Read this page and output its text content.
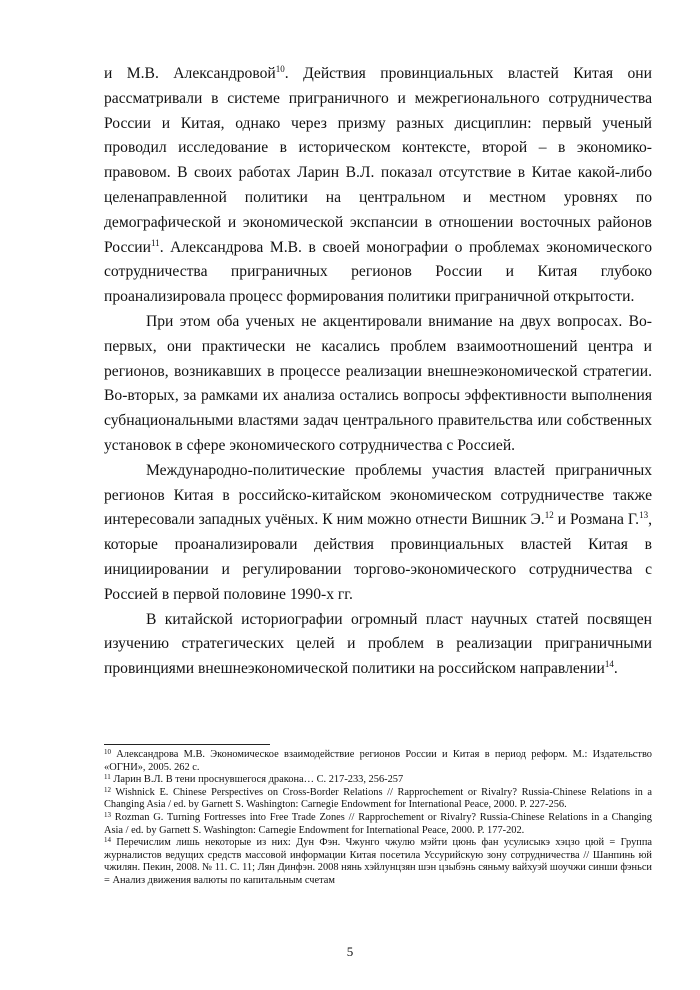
и М.В. Александровой$^{10}$. Действия провинциальных властей Китая они рассматривали в системе приграничного и межрегионального сотрудничества России и Китая, однако через призму разных дисциплин: первый ученый проводил исследование в историческом контексте, второй – в экономико-правовом. В своих работах Ларин В.Л. показал отсутствие в Китае какой-либо целенаправленной политики на центральном и местном уровнях по демографической и экономической экспансии в отношении восточных районов России$^{11}$. Александрова М.В. в своей монографии о проблемах экономического сотрудничества приграничных регионов России и Китая глубоко проанализировала процесс формирования политики приграничной открытости.

При этом оба ученых не акцентировали внимание на двух вопросах. Во-первых, они практически не касались проблем взаимоотношений центра и регионов, возникавших в процессе реализации внешнеэкономической стратегии. Во-вторых, за рамками их анализа остались вопросы эффективности выполнения субнациональными властями задач центрального правительства или собственных установок в сфере экономического сотрудничества с Россией.

Международно-политические проблемы участия властей приграничных регионов Китая в российско-китайском экономическом сотрудничестве также интересовали западных учёных. К ним можно отнести Вишник Э.$^{12}$ и Розмана Г.$^{13}$, которые проанализировали действия провинциальных властей Китая в инициировании и регулировании торгово-экономического сотрудничества с Россией в первой половине 1990-х гг.

В китайской историографии огромный пласт научных статей посвящен изучению стратегических целей и проблем в реализации приграничными провинциями внешнеэкономической политики на российском направлении$^{14}$.

$^{10}$ Александрова М.В. Экономическое взаимодействие регионов России и Китая в период реформ. М.: Издательство «ОГНИ», 2005. 262 с.

$^{11}$ Ларин В.Л. В тени проснувшегося дракона… С. 217-233, 256-257

$^{12}$ Wishnick E. Chinese Perspectives on Cross-Border Relations // Rapprochement or Rivalry? Russia-Chinese Relations in a Changing Asia / ed. by Garnett S. Washington: Carnegie Endowment for International Peace, 2000. P. 227-256.

$^{13}$ Rozman G. Turning Fortresses into Free Trade Zones // Rapprochement or Rivalry? Russia-Chinese Relations in a Changing Asia / ed. by Garnett S. Washington: Carnegie Endowment for International Peace, 2000. P. 177-202.

$^{14}$ Перечислим лишь некоторые из них: Дун Фэн. Чжунго чжулю мэйти цюнь фан усулисыкэ хэцзо цюй = Группа журналистов ведущих средств массовой информации Китая посетила Уссурийскую зону сотрудничества // Шанпинь юй чжилян. Пекин, 2008. № 11. С. 11; Лян Динфэн. 2008 нянь хэйлунцзян шэн цзыбэнь сяньму вайхуэй шоучжи синши фэньси = Анализ движения валюты по капитальным счетам

5
